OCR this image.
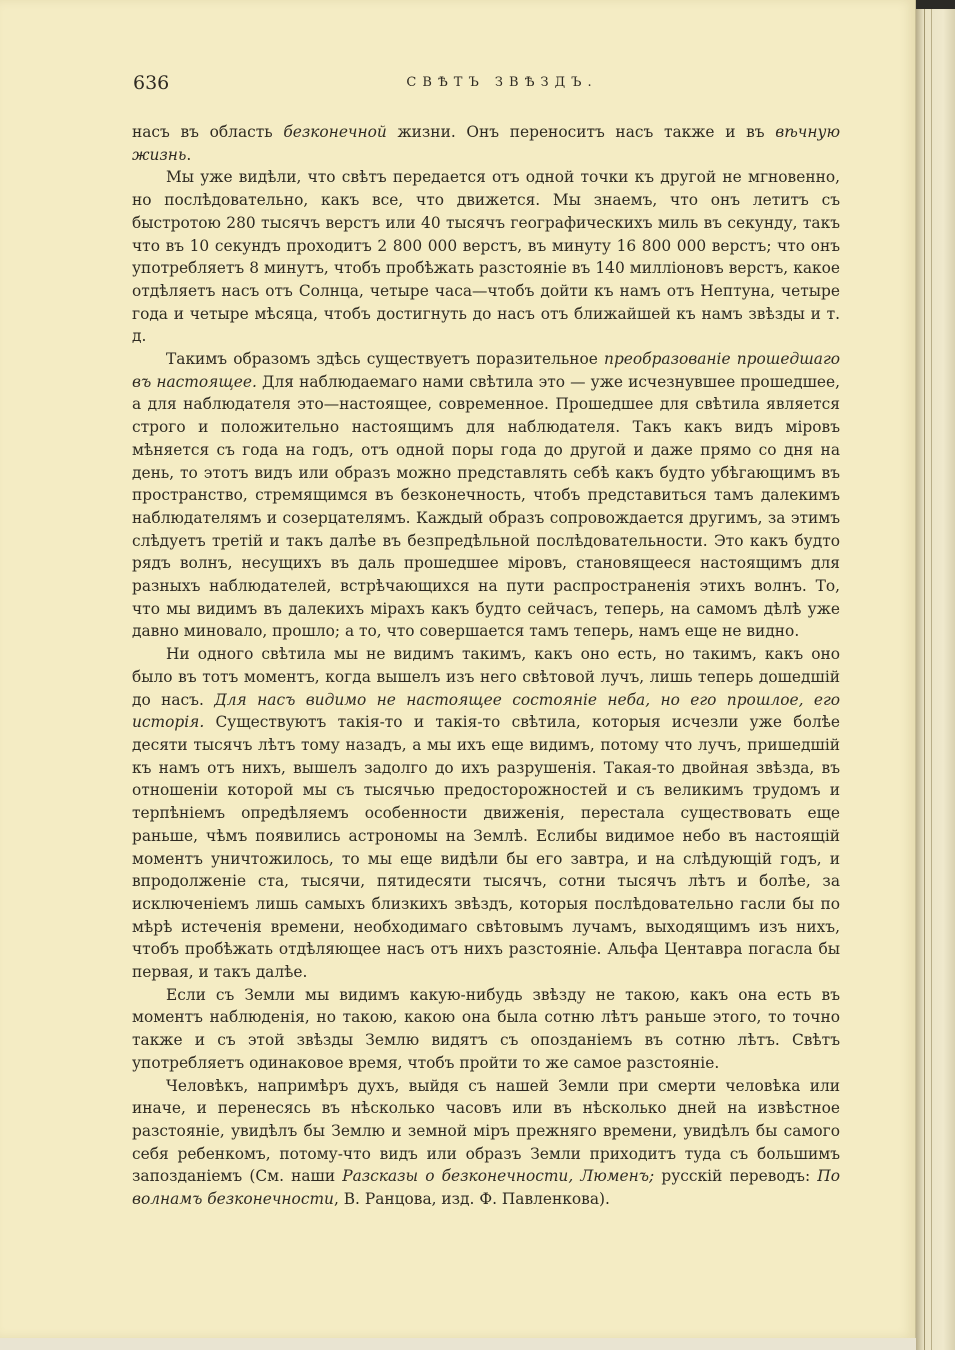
636	СВѢТЪ ЗВѢЗДЪ.

насъ въ область безконечной жизни. Онъ переноситъ насъ также и въ вѣчную жизнь.

Мы уже видѣли, что свѣтъ передается отъ одной точки къ другой не мгновенно, но послѣдовательно, какъ все, что движется. Мы знаемъ, что онъ летитъ съ быстротою 280 тысячъ верстъ или 40 тысячъ географическихъ миль въ секунду, такъ что въ 10 секундъ проходитъ 2 800 000 верстъ, въ минуту 16 800 000 верстъ; что онъ употребляетъ 8 минутъ, чтобъ пробѣжать разстояніе въ 140 милліоновъ верстъ, какое отдѣляетъ насъ отъ Солнца, четыре часа—чтобъ дойти къ намъ отъ Нептуна, четыре года и четыре мѣсяца, чтобъ достигнуть до насъ отъ ближайшей къ намъ звѣзды и т. д.

Такимъ образомъ здѣсь существуетъ поразительное преобразованіе прошедшаго въ настоящее. Для наблюдаемаго нами свѣтила это — уже исчезнувшее прошедшее, а для наблюдателя это—настоящее, современное. Прошедшее для свѣтила является строго и положительно настоящимъ для наблюдателя. Такъ какъ видъ міровъ мѣняется съ года на годъ, отъ одной поры года до другой и даже прямо со дня на день, то этотъ видъ или образъ можно представлять себѣ какъ будто убѣгающимъ въ пространство, стремящимся въ безконечность, чтобъ представиться тамъ далекимъ наблюдателямъ и созерцателямъ. Каждый образъ сопровождается другимъ, за этимъ слѣдуетъ третій и такъ далѣе въ безпредѣльной послѣдовательности. Это какъ будто рядъ волнъ, несущихъ въ даль прошедшее міровъ, становящееся настоящимъ для разныхъ наблюдателей, встрѣчающихся на пути распространенія этихъ волнъ. То, что мы видимъ въ далекихъ мірахъ какъ будто сейчасъ, теперь, на самомъ дѣлѣ уже давно миновало, прошло; а то, что совершается тамъ теперь, намъ еще не видно.

Ни одного свѣтила мы не видимъ такимъ, какъ оно есть, но такимъ, какъ оно было въ тотъ моментъ, когда вышелъ изъ него свѣтовой лучъ, лишь теперь дошедшій до насъ. Для насъ видимо не настоящее состояніе неба, но его прошлое, его исторія. Существуютъ такія-то и такія-то свѣтила, которыя исчезли уже болѣе десяти тысячъ лѣтъ тому назадъ, а мы ихъ еще видимъ, потому что лучъ, пришедшій къ намъ отъ нихъ, вышелъ задолго до ихъ разрушенія. Такая-то двойная звѣзда, въ отношеніи которой мы съ тысячью предосторожностей и съ великимъ трудомъ и терпѣніемъ опредѣляемъ особенности движенія, перестала существовать еще раньше, чѣмъ появились астрономы на Землѣ. Еслибы видимое небо въ настоящій моментъ уничтожилось, то мы еще видѣли бы его завтра, и на слѣдующій годъ, и впродолженіе ста, тысячи, пятидесяти тысячъ, сотни тысячъ лѣтъ и болѣе, за исключеніемъ лишь самыхъ близкихъ звѣздъ, которыя послѣдовательно гасли бы по мѣрѣ истеченія времени, необходимаго свѣтовымъ лучамъ, выходящимъ изъ нихъ, чтобъ пробѣжать отдѣляющее насъ отъ нихъ разстояніе. Альфа Центавра погасла бы первая, и такъ далѣе.

Если съ Земли мы видимъ какую-нибудь звѣзду не такою, какъ она есть въ моментъ наблюденія, но такою, какою она была сотню лѣтъ раньше этого, то точно также и съ этой звѣзды Землю видятъ съ опозданіемъ въ сотню лѣтъ. Свѣтъ употребляетъ одинаковое время, чтобъ пройти то же самое разстояніе.

Человѣкъ, напримѣръ духъ, выйдя съ нашей Земли при смерти человѣка или иначе, и перенесясь въ нѣсколько часовъ или въ нѣсколько дней на извѣстное разстояніе, увидѣлъ бы Землю и земной міръ прежняго времени, увидѣлъ бы самого себя ребенкомъ, потому-что видъ или образъ Земли приходитъ туда съ большимъ запозданіемъ (См. наши Разсказы о безконечности, Люменъ; русскій переводъ: По волнамъ безконечности, В. Ранцова, изд. Ф. Павленкова).
